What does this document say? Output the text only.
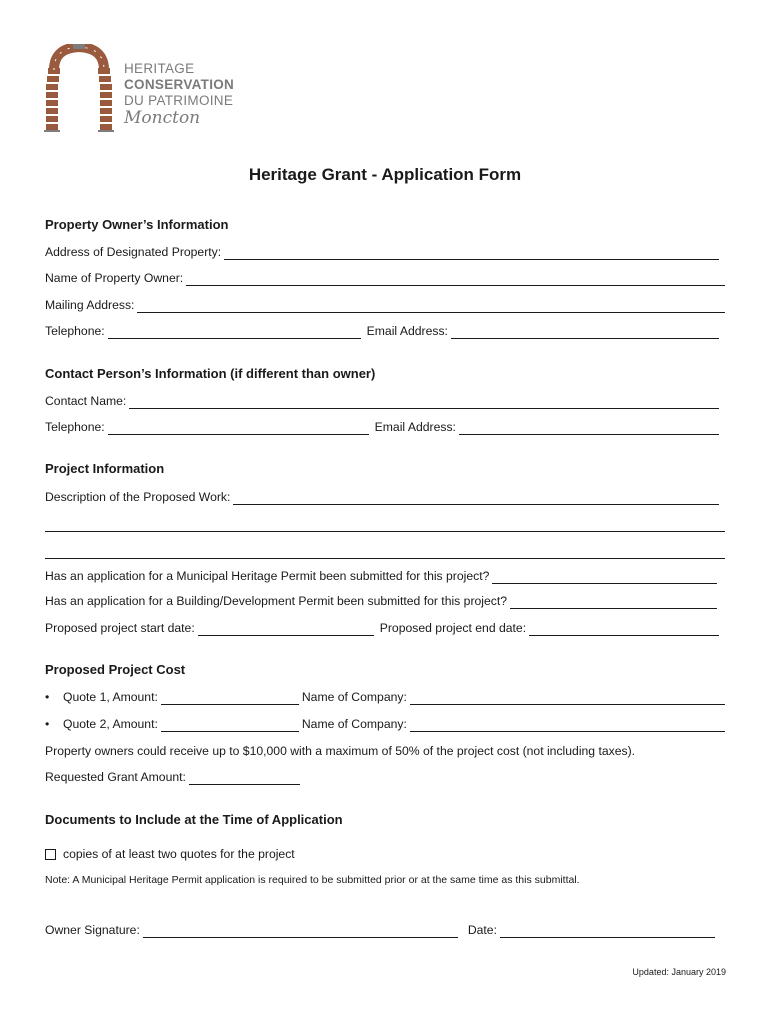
HERITAGE
CONSERVATION
DU PATRIMOINE
Moncton
Heritage Grant - Application Form
Property Owner’s Information
Address of Designated Property:
Name of Property Owner:
Mailing Address:
Telephone:	Email Address:
Contact Person’s Information (if different than owner)
Contact Name:
Telephone:	Email Address:
Project Information
Description of the Proposed Work:
Has an application for a Municipal Heritage Permit been submitted for this project?
Has an application for a Building/Development Permit been submitted for this project?
Proposed project start date:	Proposed project end date:
Proposed Project Cost
•	Quote 1, Amount:	Name of Company:
•	Quote 2, Amount:	Name of Company:
Property owners could receive up to $10,000 with a maximum of 50% of the project cost (not including taxes).
Requested Grant Amount:
Documents to Include at the Time of Application
copies of at least two quotes for the project
Note: A Municipal Heritage Permit application is required to be submitted prior or at the same time as this submittal.
Owner Signature:	Date:
Updated: January 2019
